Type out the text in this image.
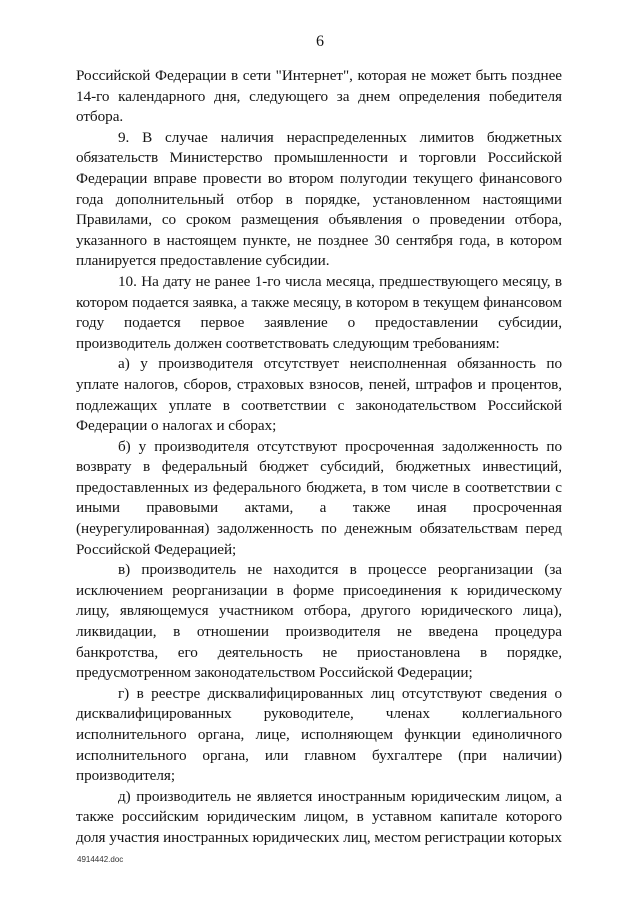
6

Российской Федерации в сети "Интернет", которая не может быть позднее 14-го календарного дня, следующего за днем определения победителя отбора.

9. В случае наличия нераспределенных лимитов бюджетных обязательств Министерство промышленности и торговли Российской Федерации вправе провести во втором полугодии текущего финансового года дополнительный отбор в порядке, установленном настоящими Правилами, со сроком размещения объявления о проведении отбора, указанного в настоящем пункте, не позднее 30 сентября года, в котором планируется предоставление субсидии.

10. На дату не ранее 1-го числа месяца, предшествующего месяцу, в котором подается заявка, а также месяцу, в котором в текущем финансовом году подается первое заявление о предоставлении субсидии, производитель должен соответствовать следующим требованиям:

а) у производителя отсутствует неисполненная обязанность по уплате налогов, сборов, страховых взносов, пеней, штрафов и процентов, подлежащих уплате в соответствии с законодательством Российской Федерации о налогах и сборах;

б) у производителя отсутствуют просроченная задолженность по возврату в федеральный бюджет субсидий, бюджетных инвестиций, предоставленных из федерального бюджета, в том числе в соответствии с иными правовыми актами, а также иная просроченная (неурегулированная) задолженность по денежным обязательствам перед Российской Федерацией;

в) производитель не находится в процессе реорганизации (за исключением реорганизации в форме присоединения к юридическому лицу, являющемуся участником отбора, другого юридического лица), ликвидации, в отношении производителя не введена процедура банкротства, его деятельность не приостановлена в порядке, предусмотренном законодательством Российской Федерации;

г) в реестре дисквалифицированных лиц отсутствуют сведения о дисквалифицированных руководителе, членах коллегиального исполнительного органа, лице, исполняющем функции единоличного исполнительного органа, или главном бухгалтере (при наличии) производителя;

д) производитель не является иностранным юридическим лицом, а также российским юридическим лицом, в уставном капитале которого доля участия иностранных юридических лиц, местом регистрации которых

4914442.doc
